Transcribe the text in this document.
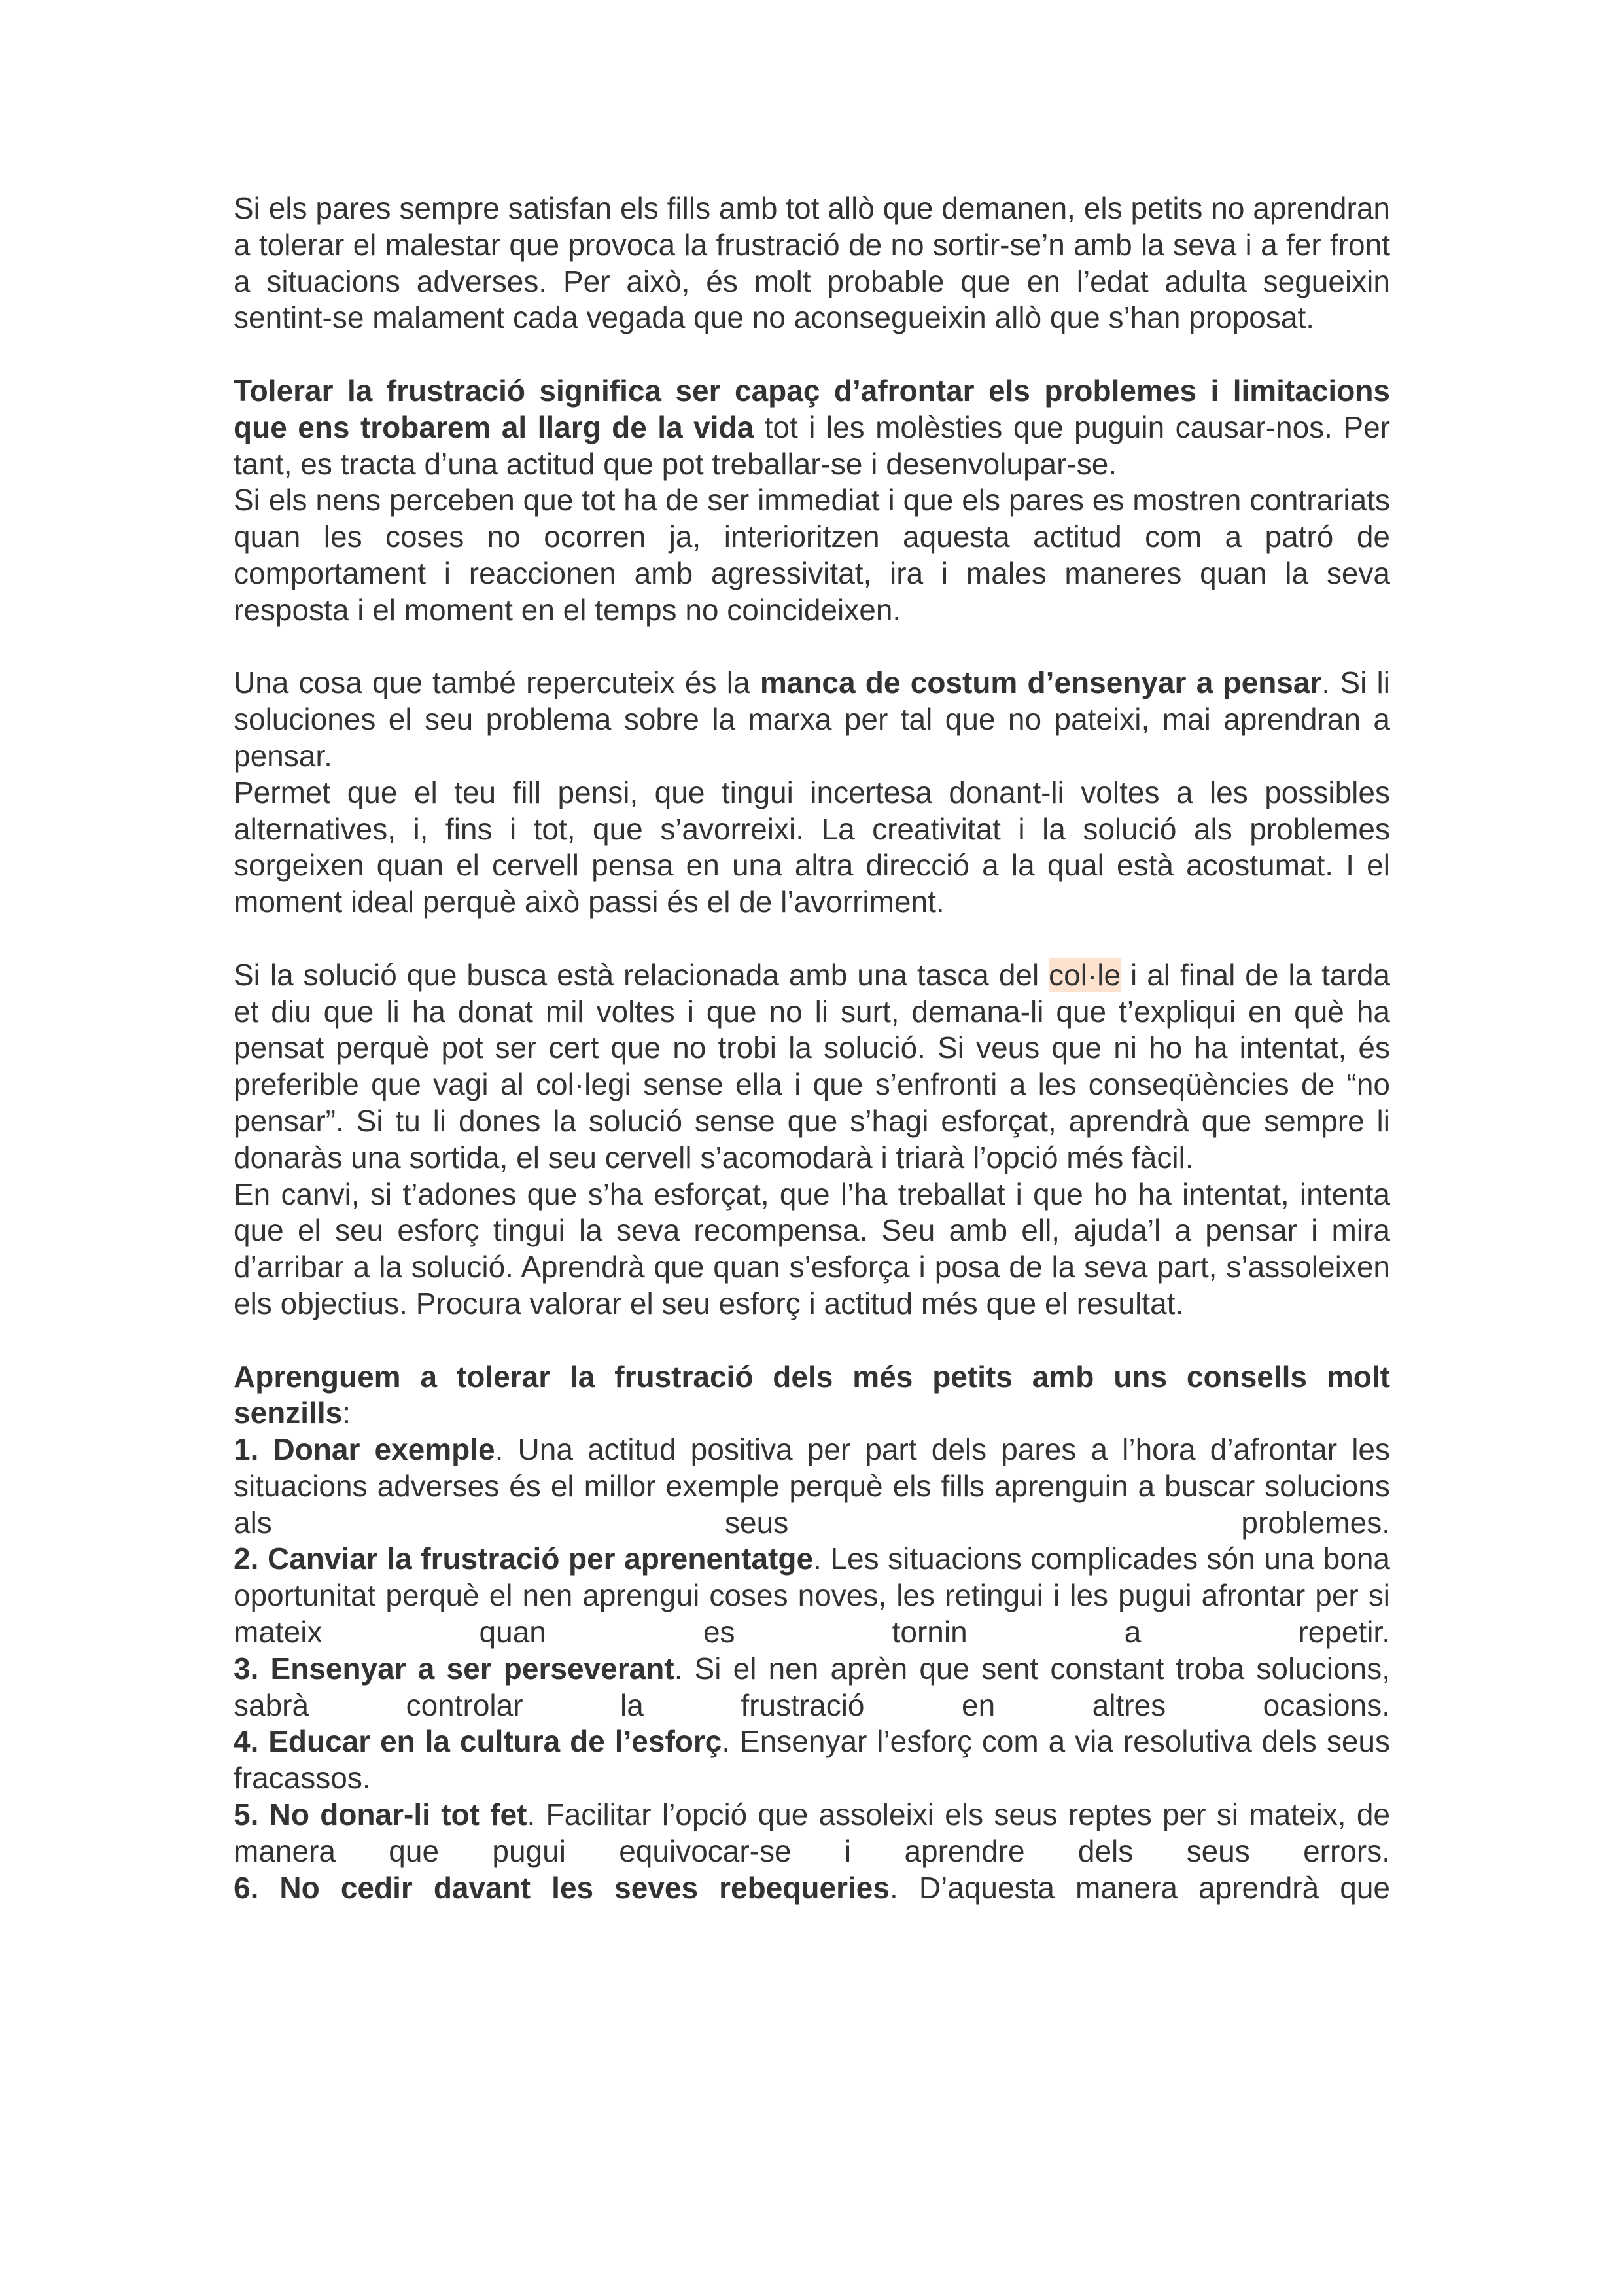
Si els pares sempre satisfan els fills amb tot allò que demanen, els petits no aprendran a tolerar el malestar que provoca la frustració de no sortir-se’n amb la seva i a fer front a situacions adverses. Per això, és molt probable que en l’edat adulta segueixin sentint-se malament cada vegada que no aconsegueixin allò que s’han proposat.

Tolerar la frustració significa ser capaç d’afrontar els problemes i limitacions que ens trobarem al llarg de la vida tot i les molèsties que puguin causar-nos. Per tant, es tracta d’una actitud que pot treballar-se i desenvolupar-se.

Si els nens perceben que tot ha de ser immediat i que els pares es mostren contrariats quan les coses no ocorren ja, interioritzen aquesta actitud com a patró de comportament i reaccionen amb agressivitat, ira i males maneres quan la seva resposta i el moment en el temps no coincideixen.

Una cosa que també repercuteix és la manca de costum d’ensenyar a pensar. Si li soluciones el seu problema sobre la marxa per tal que no pateixi, mai aprendran a pensar.

Permet que el teu fill pensi, que tingui incertesa donant-li voltes a les possibles alternatives, i, fins i tot, que s’avorreixi. La creativitat i la solució als problemes sorgeixen quan el cervell pensa en una altra direcció a la qual està acostumat. I el moment ideal perquè això passi és el de l’avorriment.

Si la solució que busca està relacionada amb una tasca del col·le i al final de la tarda et diu que li ha donat mil voltes i que no li surt, demana-li que t’expliqui en què ha pensat perquè pot ser cert que no trobi la solució. Si veus que ni ho ha intentat, és preferible que vagi al col·legi sense ella i que s’enfronti a les conseqüències de “no pensar”. Si tu li dones la solució sense que s’hagi esforçat, aprendrà que sempre li donaràs una sortida, el seu cervell s’acomodarà i triarà l’opció més fàcil.

En canvi, si t’adones que s’ha esforçat, que l’ha treballat i que ho ha intentat, intenta que el seu esforç tingui la seva recompensa. Seu amb ell, ajuda’l a pensar i mira d’arribar a la solució. Aprendrà que quan s’esforça i posa de la seva part, s’assoleixen els objectius. Procura valorar el seu esforç i actitud més que el resultat.

Aprenguem a tolerar la frustració dels més petits amb uns consells molt senzills:

1. Donar exemple. Una actitud positiva per part dels pares a l’hora d’afrontar les situacions adverses és el millor exemple perquè els fills aprenguin a buscar solucions als seus problemes.

2. Canviar la frustració per aprenentatge. Les situacions complicades són una bona oportunitat perquè el nen aprengui coses noves, les retingui i les pugui afrontar per si mateix quan es tornin a repetir.

3. Ensenyar a ser perseverant. Si el nen aprèn que sent constant troba solucions, sabrà controlar la frustració en altres ocasions.

4. Educar en la cultura de l’esforç. Ensenyar l’esforç com a via resolutiva dels seus fracassos.

5. No donar-li tot fet. Facilitar l’opció que assoleixi els seus reptes per si mateix, de manera que pugui equivocar-se i aprendre dels seus errors.

6. No cedir davant les seves rebequeries. D’aquesta manera aprendrà que
